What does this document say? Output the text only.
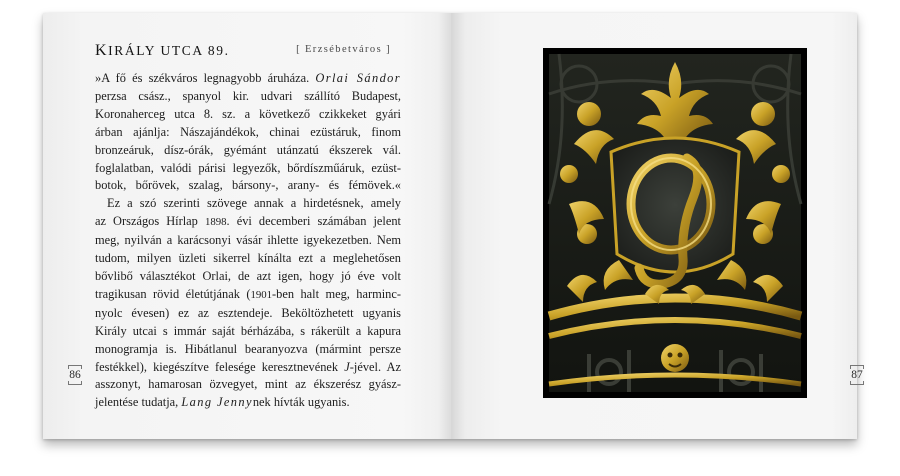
KIRÁLY UTCA 89.	[ Erzsébetváros ]

»A fő és székváros legnagyobb áruháza. Orlai Sándor
perzsa csász., spanyol kir. udvari szállító Budapest,
Koronaherceg utca 8. sz. a következő czikkeket gyári
árban ajánlja: Nászajándékok, chinai ezüstáruk, finom
bronzeáruk, dísz-órák, gyémánt utánzatú ékszerek vál.
foglalatban, valódi párisi legyezők, bőrdíszműáruk, ezüst-
botok, bőrövek, szalag, bársony-, arany- és fémövek.«

Ez a szó szerinti szövege annak a hirdetésnek, amely
az Országos Hírlap 1898. évi decemberi számában jelent
meg, nyilván a karácsonyi vásár ihlette igyekezetben. Nem
tudom, milyen üzleti sikerrel kínálta ezt a meglehetősen
bővlibő választékot Orlai, de azt igen, hogy jó éve volt
tragikusan rövid életútjának (1901-ben halt meg, harminc-
nyolc évesen) ez az esztendeje. Beköltözhetett ugyanis
Király utcai s immár saját bérházába, s rákerült a kapura
monogramja is. Hibátlanul bearanyozva (mármint persze
festékkel), kiegészítve felesége keresztnevének J-jével. Az
asszonyt, hamarosan özvegyet, mint az ékszerész gyász-
jelentése tudatja, Lang Jennynek hívták ugyanis.

86	87
